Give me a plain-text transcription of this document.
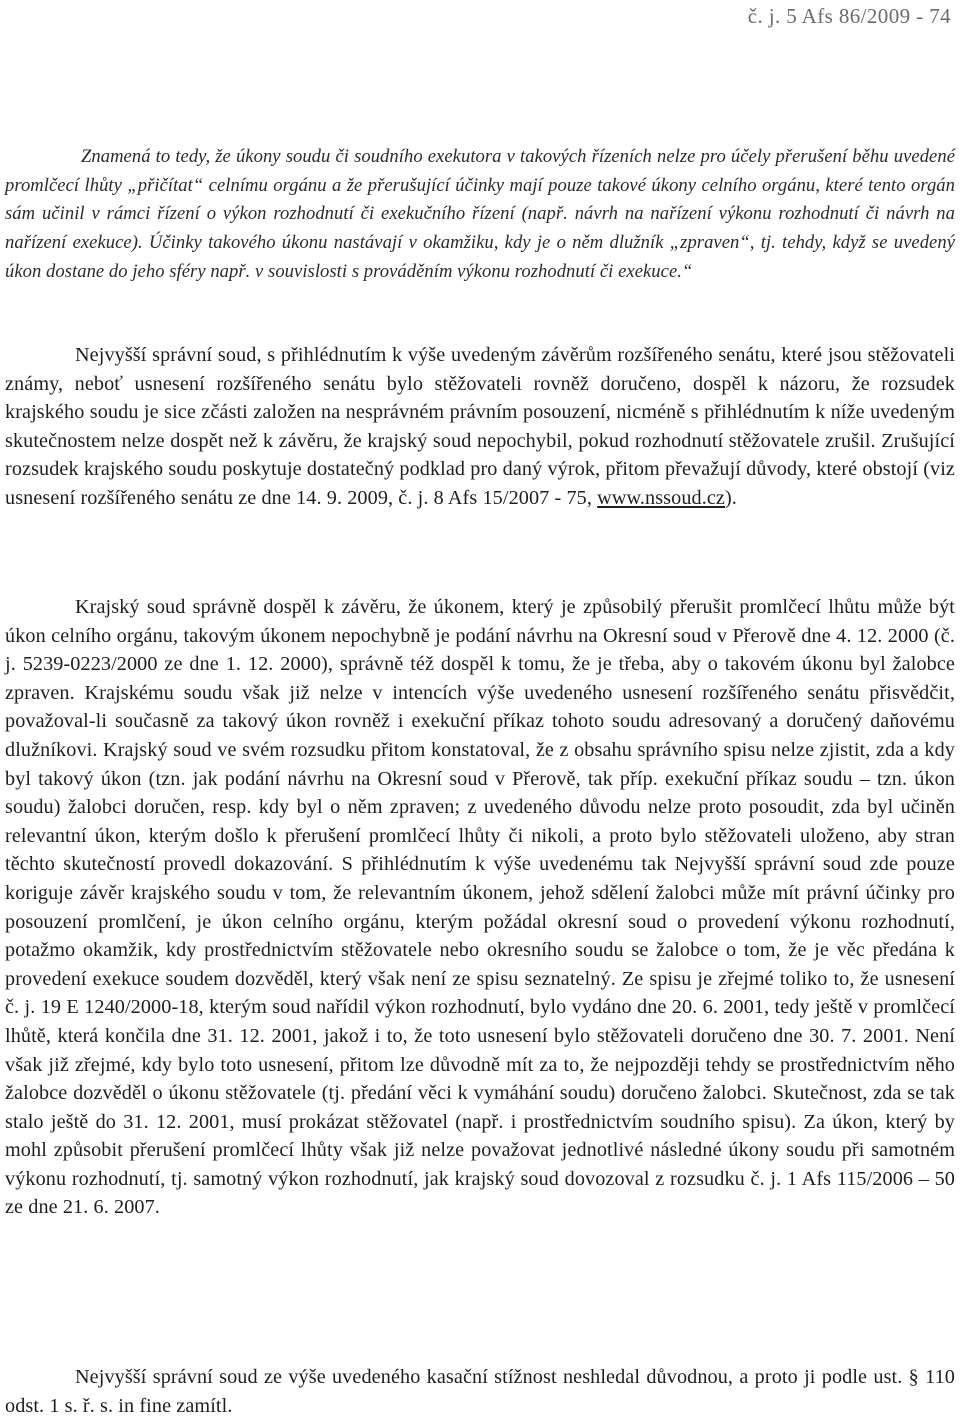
č. j. 5 Afs 86/2009 - 74
Znamená to tedy, že úkony soudu či soudního exekutora v takových řízeních nelze pro účely přerušení běhu uvedené promlčecí lhůty „přičítat“ celnímu orgánu a že přerušující účinky mají pouze takové úkony celního orgánu, které tento orgán sám učinil v rámci řízení o výkon rozhodnutí či exekučního řízení (např. návrh na nařízení výkonu rozhodnutí či návrh na nařízení exekuce). Účinky takového úkonu nastávají v okamžiku, kdy je o něm dlužník „zpraven“, tj. tehdy, když se uvedený úkon dostane do jeho sféry např. v souvislosti s prováděním výkonu rozhodnutí či exekuce.“
Nejvyšší správní soud, s přihlédnutím k výše uvedeným závěrům rozšířeného senátu, které jsou stěžovateli známy, neboť usnesení rozšířeného senátu bylo stěžovateli rovněž doručeno, dospěl k názoru, že rozsudek krajského soudu je sice zčásti založen na nesprávném právním posouzení, nicméně s přihlédnutím k níže uvedeným skutečnostem nelze dospět než k závěru, že krajský soud nepochybil, pokud rozhodnutí stěžovatele zrušil. Zrušující rozsudek krajského soudu poskytuje dostatečný podklad pro daný výrok, přitom převažují důvody, které obstojí (viz usnesení rozšířeného senátu ze dne 14. 9. 2009, č. j. 8 Afs 15/2007 - 75, www.nssoud.cz).
Krajský soud správně dospěl k závěru, že úkonem, který je způsobilý přerušit promlčecí lhůtu může být úkon celního orgánu, takovým úkonem nepochybně je podání návrhu na Okresní soud v Přerově dne 4. 12. 2000 (č. j. 5239-0223/2000 ze dne 1. 12. 2000), správně též dospěl k tomu, že je třeba, aby o takovém úkonu byl žalobce zpraven. Krajskému soudu však již nelze v intencích výše uvedeného usnesení rozšířeného senátu přisvědčit, považoval-li současně za takový úkon rovněž i exekuční příkaz tohoto soudu adresovaný a doručený daňovému dlužníkovi. Krajský soud ve svém rozsudku přitom konstatoval, že z obsahu správního spisu nelze zjistit, zda a kdy byl takový úkon (tzn. jak podání návrhu na Okresní soud v Přerově, tak příp. exekuční příkaz soudu – tzn. úkon soudu) žalobci doručen, resp. kdy byl o něm zpraven; z uvedeného důvodu nelze proto posoudit, zda byl učiněn relevantní úkon, kterým došlo k přerušení promlčecí lhůty či nikoli, a proto bylo stěžovateli uloženo, aby stran těchto skutečností provedl dokazování. S přihlédnutím k výše uvedenému tak Nejvyšší správní soud zde pouze koriguje závěr krajského soudu v tom, že relevantním úkonem, jehož sdělení žalobci může mít právní účinky pro posouzení promlčení, je úkon celního orgánu, kterým požádal okresní soud o provedení výkonu rozhodnutí, potažmo okamžik, kdy prostřednictvím stěžovatele nebo okresního soudu se žalobce o tom, že je věc předána k provedení exekuce soudem dozvěděl, který však není ze spisu seznatelný. Ze spisu je zřejmé toliko to, že usnesení č. j. 19 E 1240/2000-18, kterým soud nařídil výkon rozhodnutí, bylo vydáno dne 20. 6. 2001, tedy ještě v promlčecí lhůtě, která končila dne 31. 12. 2001, jakož i to, že toto usnesení bylo stěžovateli doručeno dne 30. 7. 2001. Není však již zřejmé, kdy bylo toto usnesení, přitom lze důvodně mít za to, že nejpozději tehdy se prostřednictvím něho žalobce dozvěděl o úkonu stěžovatele (tj. předání věci k vymáhání soudu) doručeno žalobci. Skutečnost, zda se tak stalo ještě do 31. 12. 2001, musí prokázat stěžovatel (např. i prostřednictvím soudního spisu). Za úkon, který by mohl způsobit přerušení promlčecí lhůty však již nelze považovat jednotlivé následné úkony soudu při samotném výkonu rozhodnutí, tj. samotný výkon rozhodnutí, jak krajský soud dovozoval z rozsudku č. j. 1 Afs 115/2006 – 50 ze dne 21. 6. 2007.
Nejvyšší správní soud ze výše uvedeného kasační stížnost neshledal důvodnou, a proto ji podle ust. § 110 odst. 1 s. ř. s. in fine zamítl.
